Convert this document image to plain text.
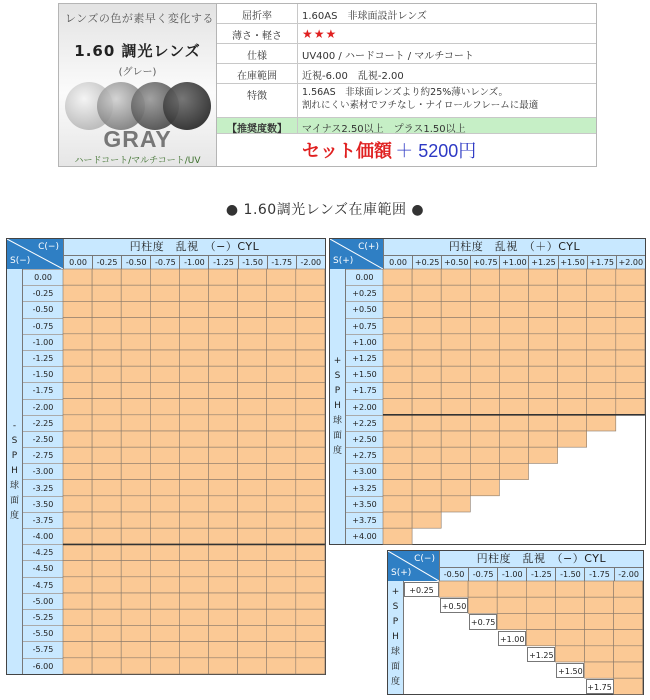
レンズの色が素早く変化する
1.60 調光レンズ
(グレー)
GRAY
ハードコート/マルチコート/UV
屈折率	1.60AS　非球面設計レンズ
薄さ・軽さ	★★★
仕様	UV400 / ハードコート / マルチコート
在庫範囲	近視-6.00　乱視-2.00
特徴	1.56AS　非球面レンズより約25%薄いレンズ。
割れにくい素材でフチなし・ナイロールフレームに最適
【推奨度数】	マイナス2.50以上　プラス1.50以上
セット価額 ＋ 5200円
● 1.60調光レンズ在庫範囲 ●
C(−)
S(−)
円柱度　乱視　（−）CYL
0.00	-0.25	-0.50	-0.75	-1.00	-1.25	-1.50	-1.75	-2.00
-
S
P
H
球
面
度
0.00
-0.25
-0.50
-0.75
-1.00
-1.25
-1.50
-1.75
-2.00
-2.25
-2.50
-2.75
-3.00
-3.25
-3.50
-3.75
-4.00
-4.25
-4.50
-4.75
-5.00
-5.25
-5.50
-5.75
-6.00
C(+)
S(+)
円柱度　乱視　（＋）CYL
0.00 +0.25 +0.50 +0.75 +1.00 +1.25 +1.50 +1.75 +2.00
+
S
P
H
球
面
度
0.00
+0.25
+0.50
+0.75
+1.00
+1.25
+1.50
+1.75
+2.00
+2.25
+2.50
+2.75
+3.00
+3.25
+3.50
+3.75
+4.00
C(−)
S(+)
円柱度　乱視　（−）CYL
-0.50	-0.75	-1.00	-1.25	-1.50	-1.75	-2.00
+
S
P
H
球
面
度
+0.25
+0.50
+0.75
+1.00
+1.25
+1.50
+1.75
